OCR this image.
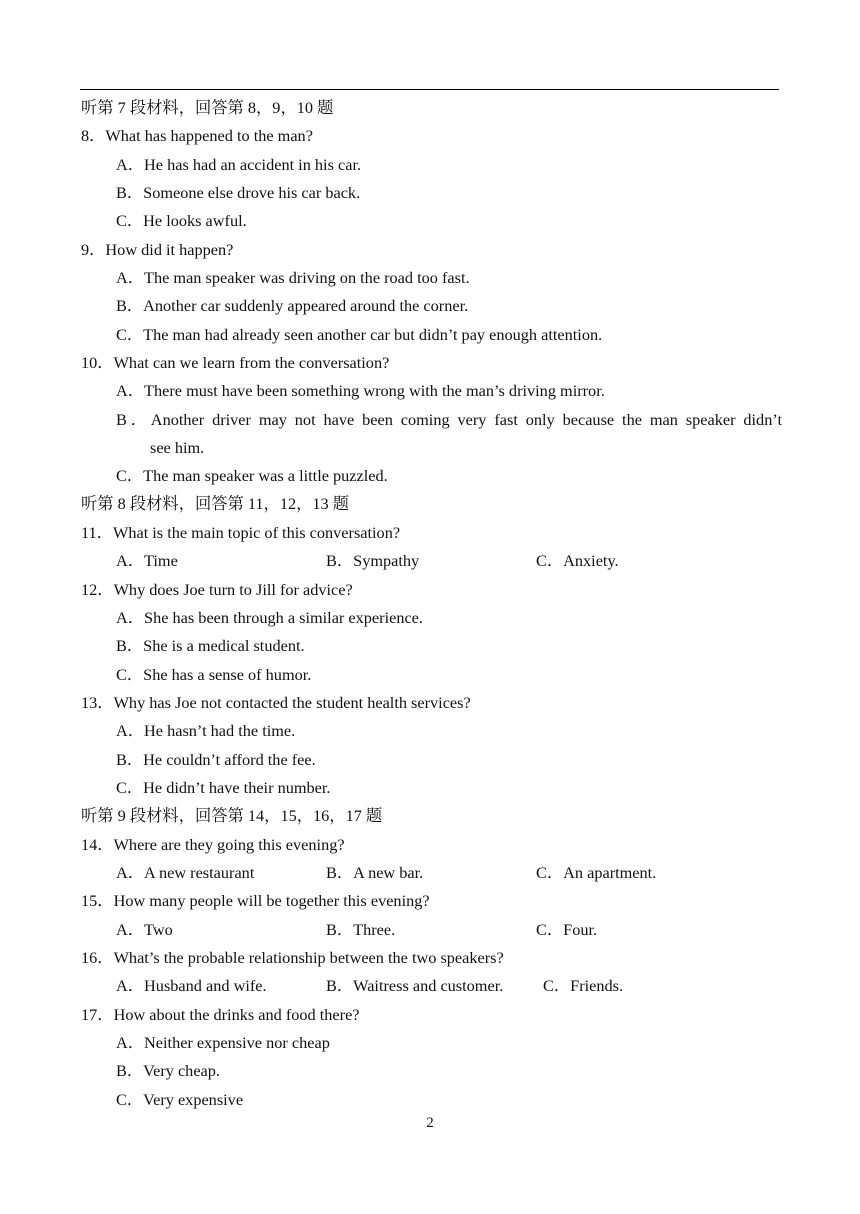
听第 7 段材料，回答第 8，9，10 题
8．What has happened to the man?
A．He has had an accident in his car.
B．Someone else drove his car back.
C．He looks awful.
9．How did it happen?
A．The man speaker was driving on the road too fast.
B．Another car suddenly appeared around the corner.
C．The man had already seen another car but didn’t pay enough attention.
10．What can we learn from the conversation?
A．There must have been something wrong with the man’s driving mirror.
B．Another driver may not have been coming very fast only because the man speaker didn’t
see him.
C．The man speaker was a little puzzled.
听第 8 段材料，回答第 11，12，13 题
11．What is the main topic of this conversation?
A．Time	B．Sympathy	C．Anxiety.
12．Why does Joe turn to Jill for advice?
A．She has been through a similar experience.
B．She is a medical student.
C．She has a sense of humor.
13．Why has Joe not contacted the student health services?
A．He hasn’t had the time.
B．He couldn’t afford the fee.
C．He didn’t have their number.
听第 9 段材料，回答第 14，15，16，17 题
14．Where are they going this evening?
A．A new restaurant	B．A new bar.	C．An apartment.
15．How many people will be together this evening?
A．Two	B．Three.	C．Four.
16．What’s the probable relationship between the two speakers?
A．Husband and wife.	B．Waitress and customer. C．Friends.
17．How about the drinks and food there?
A．Neither expensive nor cheap
B．Very cheap.
C．Very expensive
2
